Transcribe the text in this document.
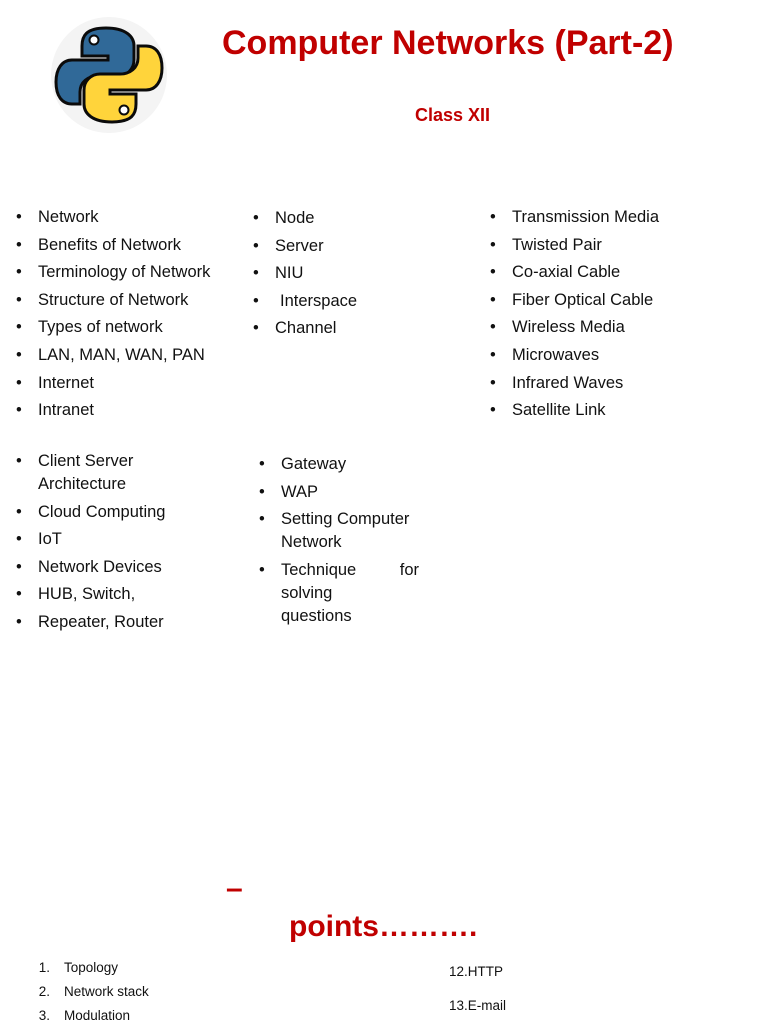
Computer Networks (Part-2)
Class XII
• Network
• Benefits of Network
• Terminology of Network
• Structure of Network
• Types of network
• LAN, MAN, WAN, PAN
• Internet
• Intranet
• Node
• Server
• NIU
• Interspace
• Channel
• Transmission Media
• Twisted Pair
• Co-axial Cable
• Fiber Optical Cable
• Wireless Media
• Microwaves
• Infrared Waves
• Satellite Link
• Client Server
Architecture
• Cloud Computing
• IoT
• Network Devices
• HUB, Switch,
• Repeater, Router
• Gateway
• WAP
• Setting Computer
Network
• Technique	for
solving
questions
–
points……….
1. Topology
2. Network stack
3. Modulation
12.HTTP
13.E-mail
